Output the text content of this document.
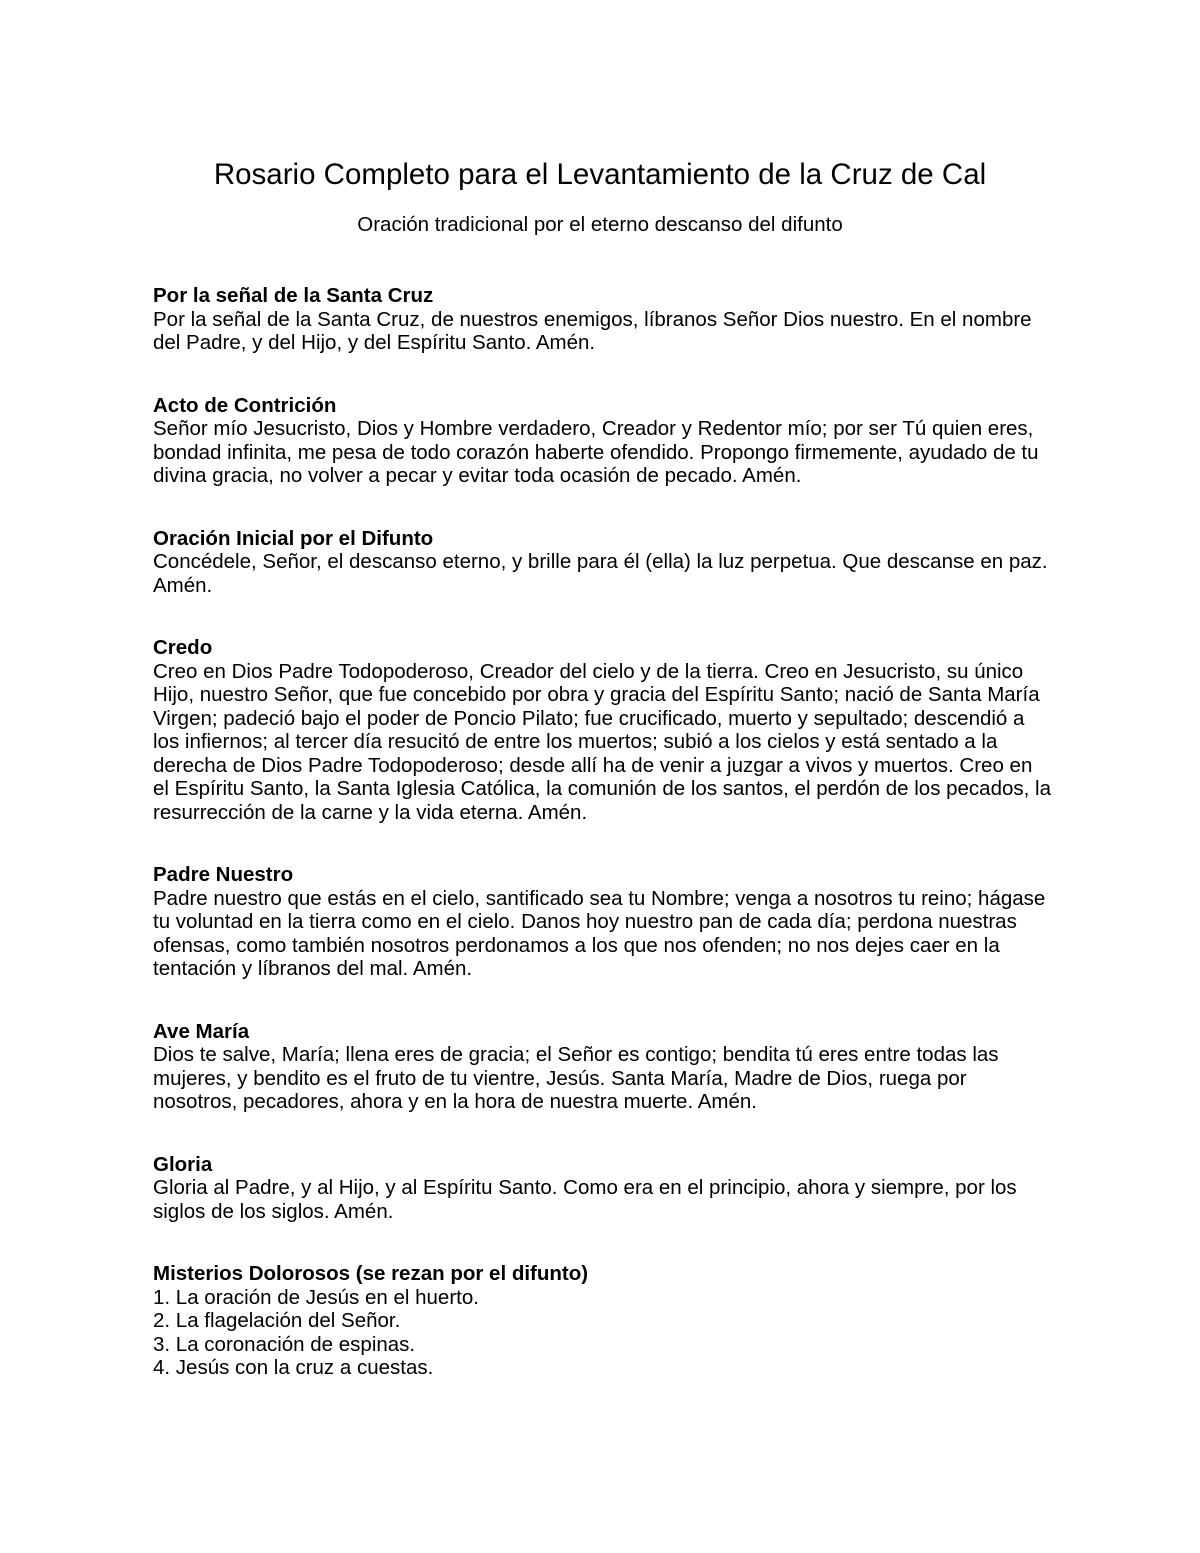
Rosario Completo para el Levantamiento de la Cruz de Cal

Oración tradicional por el eterno descanso del difunto

Por la señal de la Santa Cruz

Por la señal de la Santa Cruz, de nuestros enemigos, líbranos Señor Dios nuestro. En el nombre del Padre, y del Hijo, y del Espíritu Santo. Amén.

Acto de Contrición

Señor mío Jesucristo, Dios y Hombre verdadero, Creador y Redentor mío; por ser Tú quien eres, bondad infinita, me pesa de todo corazón haberte ofendido. Propongo firmemente, ayudado de tu divina gracia, no volver a pecar y evitar toda ocasión de pecado. Amén.

Oración Inicial por el Difunto

Concédele, Señor, el descanso eterno, y brille para él (ella) la luz perpetua. Que descanse en paz. Amén.

Credo

Creo en Dios Padre Todopoderoso, Creador del cielo y de la tierra. Creo en Jesucristo, su único Hijo, nuestro Señor, que fue concebido por obra y gracia del Espíritu Santo; nació de Santa María Virgen; padeció bajo el poder de Poncio Pilato; fue crucificado, muerto y sepultado; descendió a los infiernos; al tercer día resucitó de entre los muertos; subió a los cielos y está sentado a la derecha de Dios Padre Todopoderoso; desde allí ha de venir a juzgar a vivos y muertos. Creo en el Espíritu Santo, la Santa Iglesia Católica, la comunión de los santos, el perdón de los pecados, la resurrección de la carne y la vida eterna. Amén.

Padre Nuestro

Padre nuestro que estás en el cielo, santificado sea tu Nombre; venga a nosotros tu reino; hágase tu voluntad en la tierra como en el cielo. Danos hoy nuestro pan de cada día; perdona nuestras ofensas, como también nosotros perdonamos a los que nos ofenden; no nos dejes caer en la tentación y líbranos del mal. Amén.

Ave María

Dios te salve, María; llena eres de gracia; el Señor es contigo; bendita tú eres entre todas las mujeres, y bendito es el fruto de tu vientre, Jesús. Santa María, Madre de Dios, ruega por nosotros, pecadores, ahora y en la hora de nuestra muerte. Amén.

Gloria

Gloria al Padre, y al Hijo, y al Espíritu Santo. Como era en el principio, ahora y siempre, por los siglos de los siglos. Amén.

Misterios Dolorosos (se rezan por el difunto)

1. La oración de Jesús en el huerto.
2. La flagelación del Señor.
3. La coronación de espinas.
4. Jesús con la cruz a cuestas.
